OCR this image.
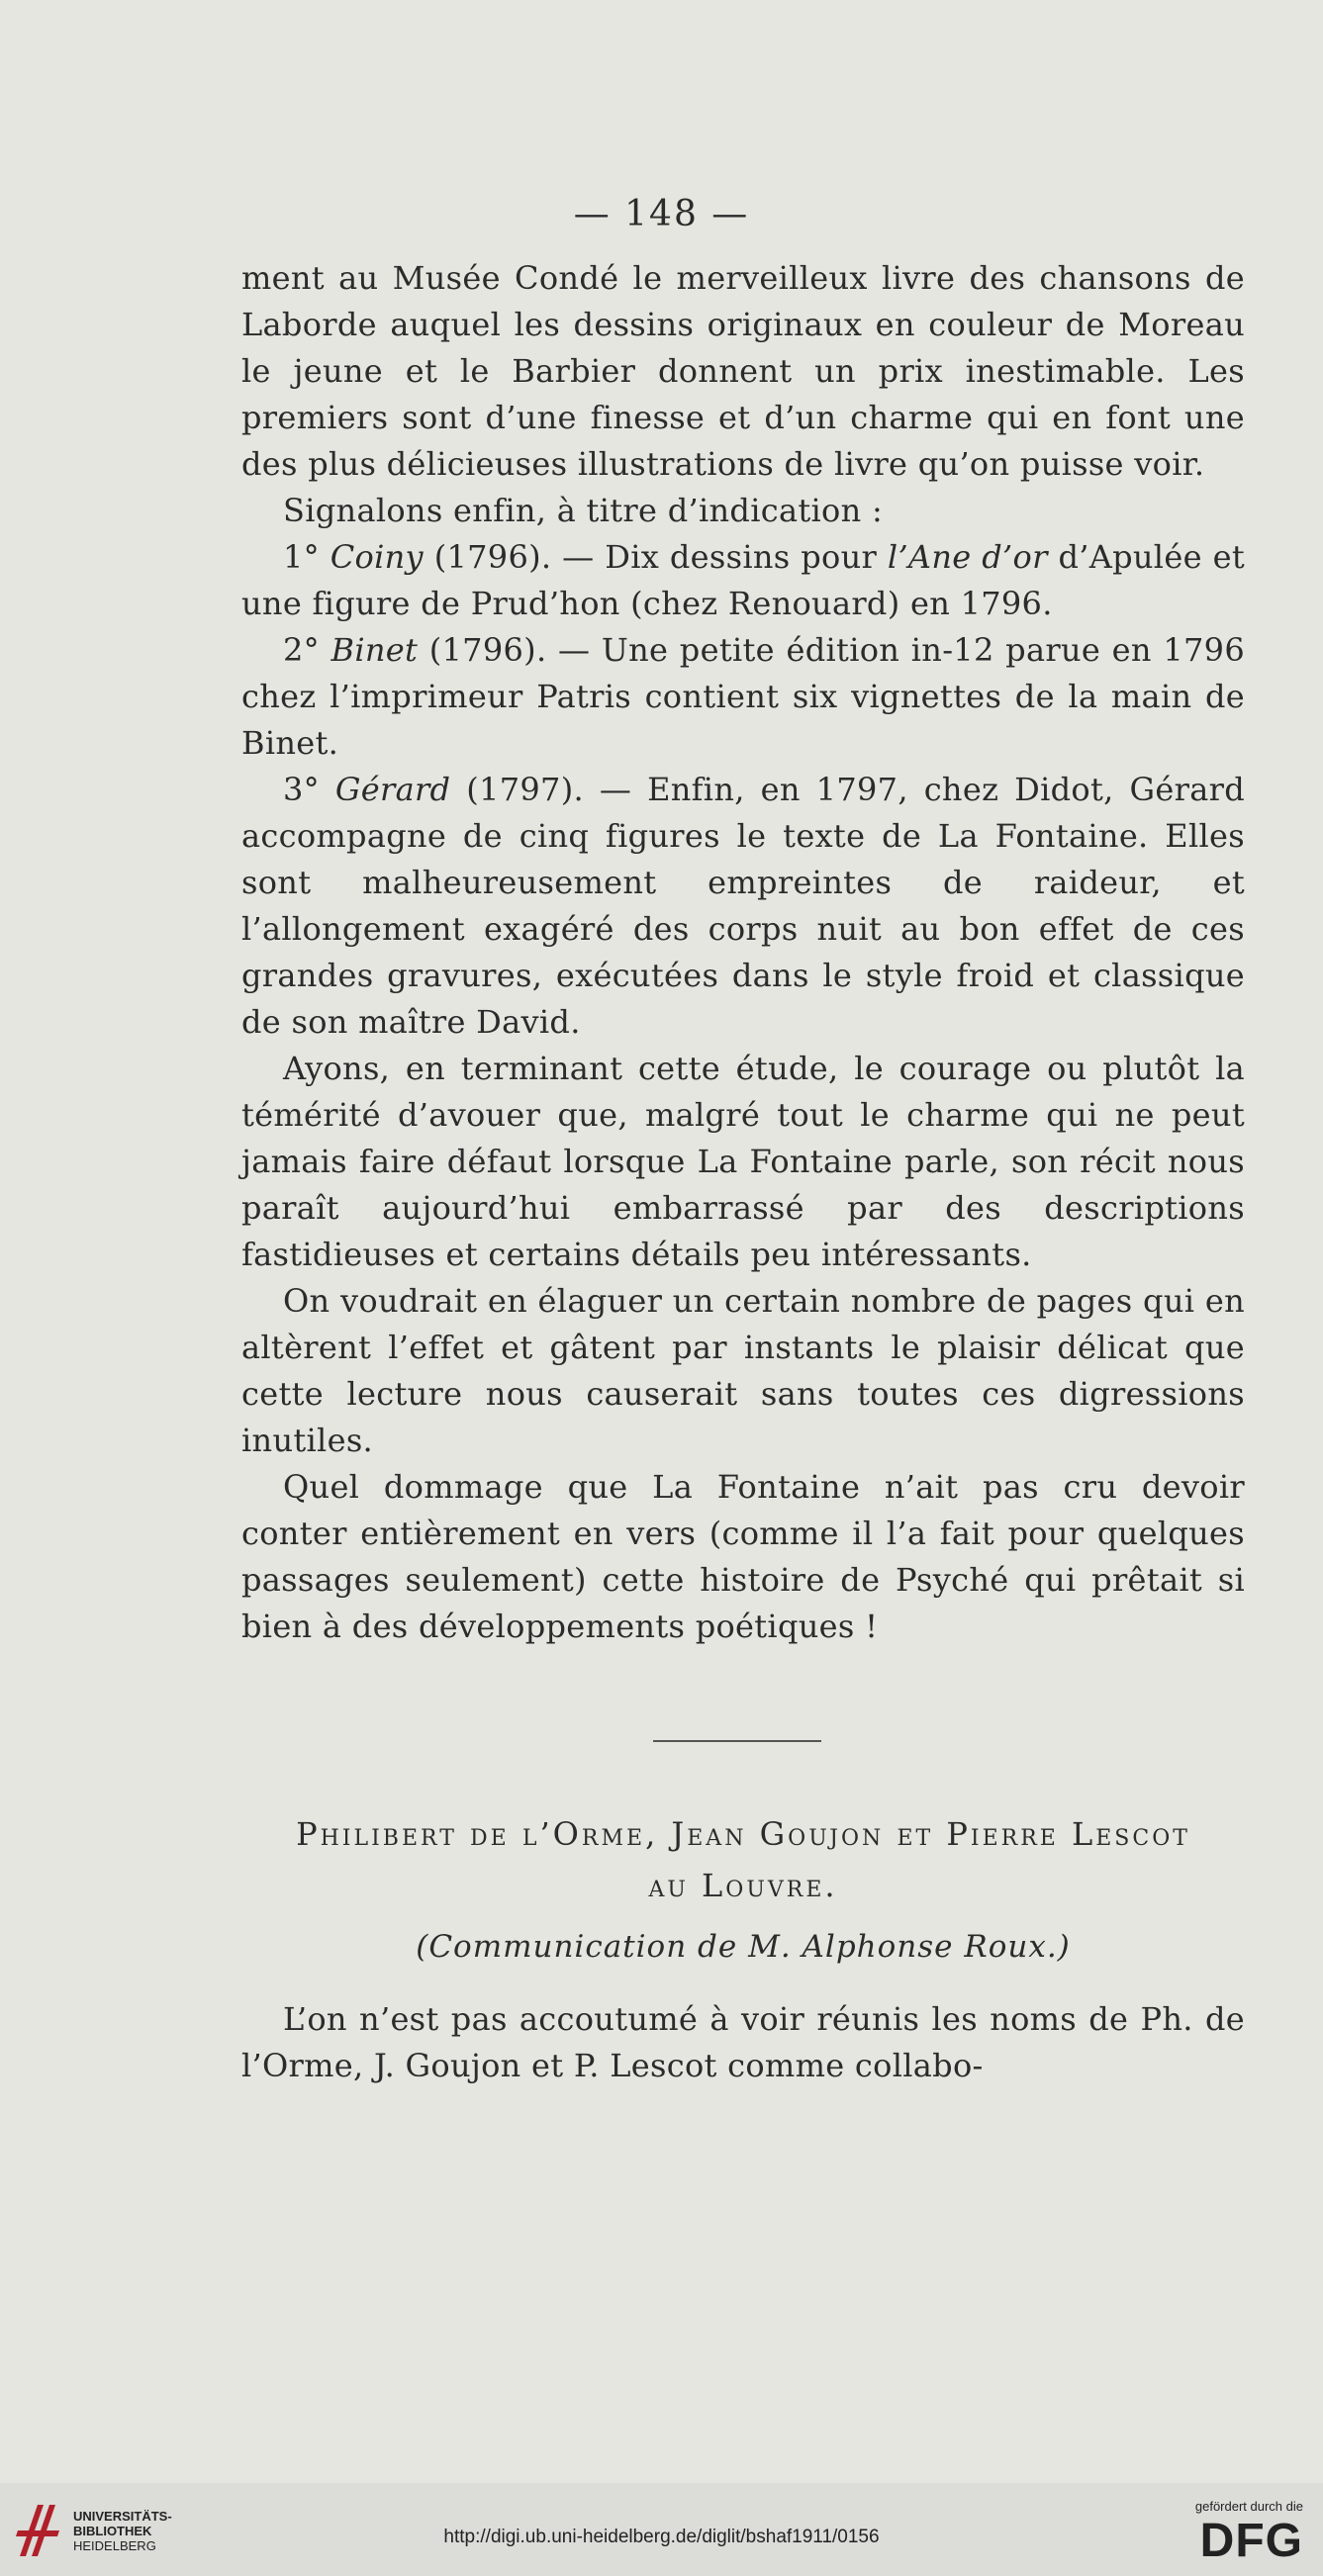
— 148 —

ment au Musée Condé le merveilleux livre des chansons de Laborde auquel les dessins originaux en couleur de Moreau le jeune et le Barbier donnent un prix inestimable. Les premiers sont d’une finesse et d’un charme qui en font une des plus délicieuses illustrations de livre qu’on puisse voir.

Signalons enfin, à titre d’indication :

1° Coiny (1796). — Dix dessins pour l’Ane d’or d’Apulée et une figure de Prud’hon (chez Renouard) en 1796.

2° Binet (1796). — Une petite édition in-12 parue en 1796 chez l’imprimeur Patris contient six vignettes de la main de Binet.

3° Gérard (1797). — Enfin, en 1797, chez Didot, Gérard accompagne de cinq figures le texte de La Fontaine. Elles sont malheureusement empreintes de raideur, et l’allongement exagéré des corps nuit au bon effet de ces grandes gravures, exécutées dans le style froid et classique de son maître David.

Ayons, en terminant cette étude, le courage ou plutôt la témérité d’avouer que, malgré tout le charme qui ne peut jamais faire défaut lorsque La Fontaine parle, son récit nous paraît aujourd’hui embarrassé par des descriptions fastidieuses et certains détails peu intéressants.

On voudrait en élaguer un certain nombre de pages qui en altèrent l’effet et gâtent par instants le plaisir délicat que cette lecture nous causerait sans toutes ces digressions inutiles.

Quel dommage que La Fontaine n’ait pas cru devoir conter entièrement en vers (comme il l’a fait pour quelques passages seulement) cette histoire de Psyché qui prêtait si bien à des développements poétiques !

Philibert de l’Orme, Jean Goujon et Pierre Lescot
au Louvre.
(Communication de M. Alphonse Roux.)

L’on n’est pas accoutumé à voir réunis les noms de Ph. de l’Orme, J. Goujon et P. Lescot comme collabo-

UNIVERSITÄTS-
BIBLIOTHEK
HEIDELBERG	http://digi.ub.uni-heidelberg.de/diglit/bshaf1911/0156
gefördert durch die
DFG
